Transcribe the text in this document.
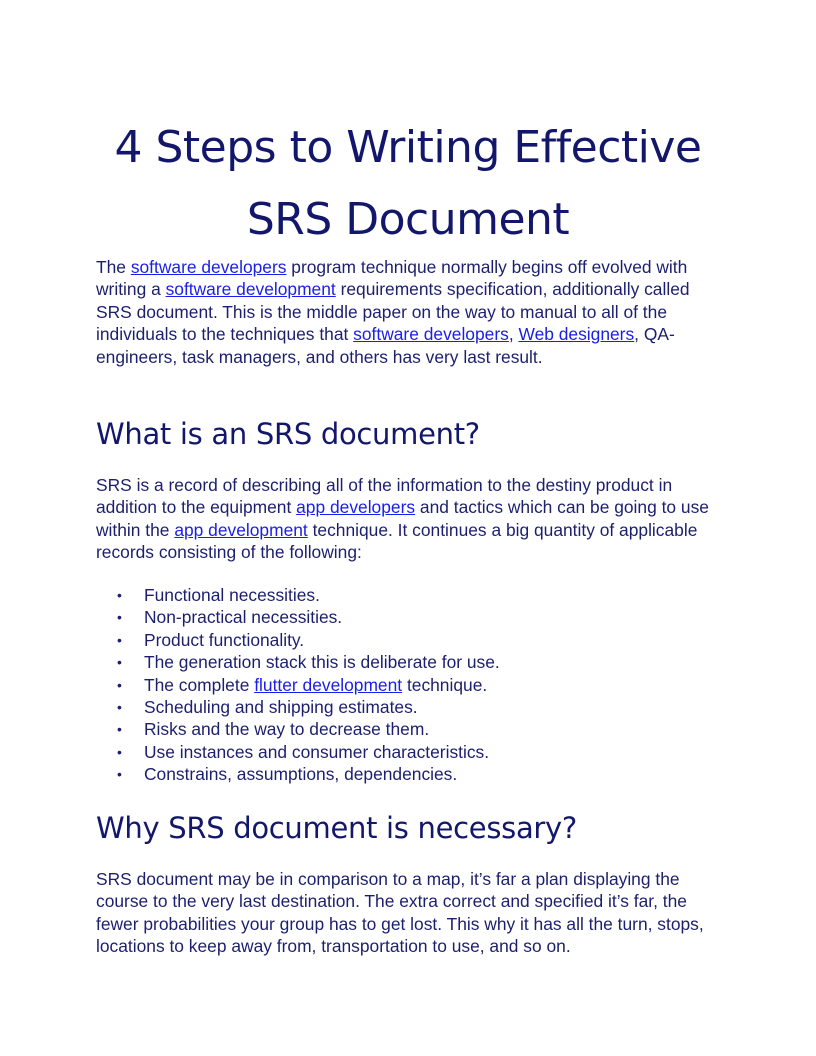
4 Steps to Writing Effective
SRS Document

The software developers program technique normally begins off evolved with writing a software development requirements specification, additionally called SRS document. This is the middle paper on the way to manual to all of the individuals to the techniques that software developers, Web designers, QA-engineers, task managers, and others has very last result.

What is an SRS document?

SRS is a record of describing all of the information to the destiny product in addition to the equipment app developers and tactics which can be going to use within the app development technique. It continues a big quantity of applicable records consisting of the following:

• Functional necessities.
• Non-practical necessities.
• Product functionality.
• The generation stack this is deliberate for use.
• The complete flutter development technique.
• Scheduling and shipping estimates.
• Risks and the way to decrease them.
• Use instances and consumer characteristics.
• Constrains, assumptions, dependencies.
Why SRS document is necessary?

SRS document may be in comparison to a map, it’s far a plan displaying the course to the very last destination. The extra correct and specified it’s far, the fewer probabilities your group has to get lost. This why it has all the turn, stops, locations to keep away from, transportation to use, and so on.
